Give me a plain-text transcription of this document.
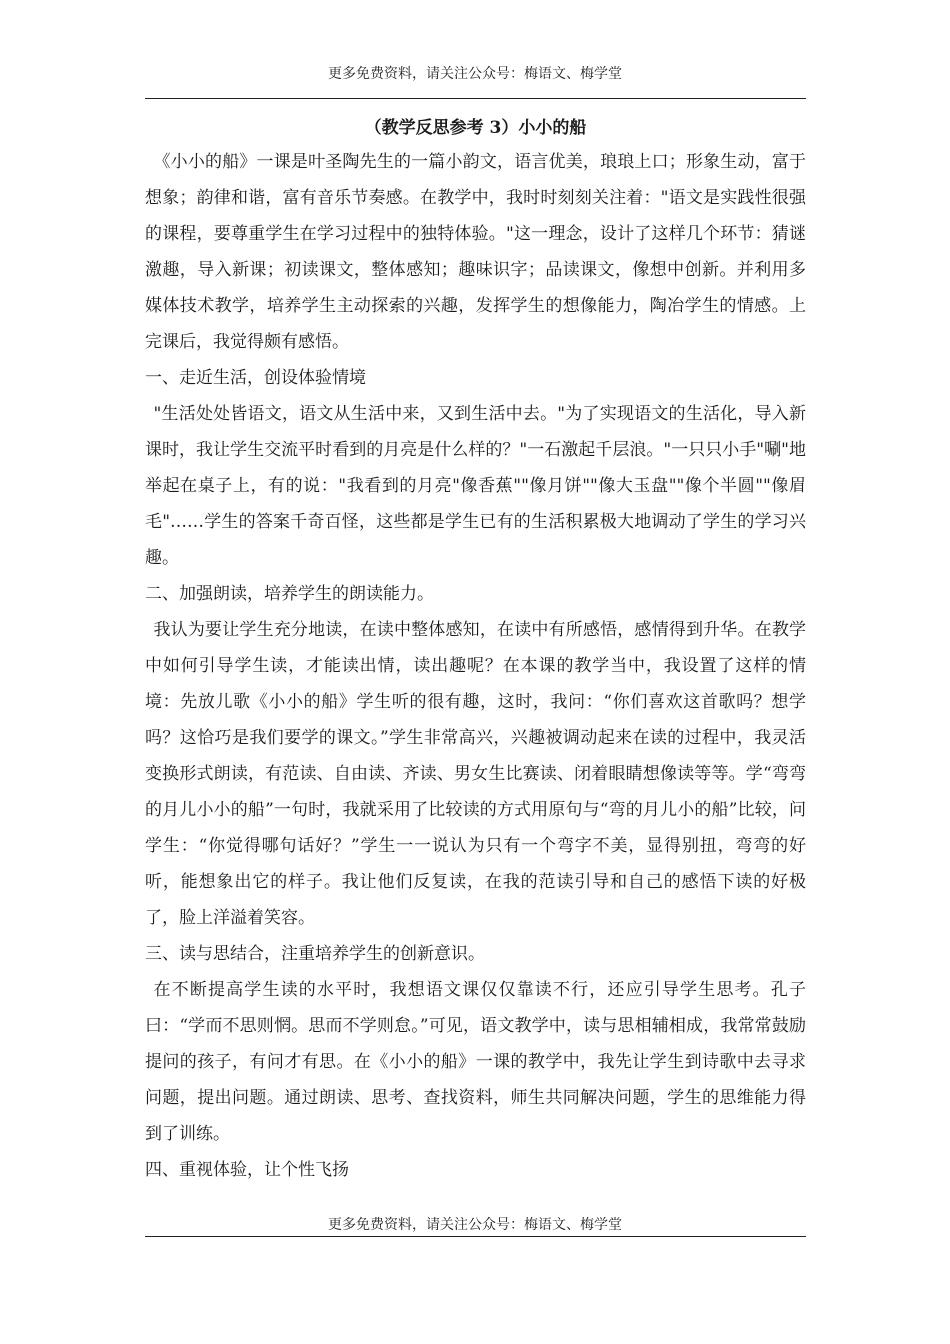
更多免费资料，请关注公众号：梅语文、梅学堂
（教学反思参考 3）小小的船

《小小的船》一课是叶圣陶先生的一篇小韵文，语言优美，琅琅上口；形象生动，富于想象；韵律和谐，富有音乐节奏感。在教学中，我时时刻刻关注着："语文是实践性很强的课程，要尊重学生在学习过程中的独特体验。"这一理念，设计了这样几个环节：猜谜激趣，导入新课；初读课文，整体感知；趣味识字；品读课文，像想中创新。并利用多媒体技术教学，培养学生主动探索的兴趣，发挥学生的想像能力，陶冶学生的情感。上完课后，我觉得颇有感悟。

一、走近生活，创设体验情境

"生活处处皆语文，语文从生活中来，又到生活中去。"为了实现语文的生活化，导入新课时，我让学生交流平时看到的月亮是什么样的？"一石激起千层浪。"一只只小手"唰"地举起在桌子上，有的说："我看到的月亮"像香蕉""像月饼""像大玉盘""像个半圆""像眉毛"……学生的答案千奇百怪，这些都是学生已有的生活积累极大地调动了学生的学习兴趣。

二、加强朗读，培养学生的朗读能力。

我认为要让学生充分地读，在读中整体感知，在读中有所感悟，感情得到升华。在教学中如何引导学生读，才能读出情，读出趣呢？在本课的教学当中，我设置了这样的情境：先放儿歌《小小的船》学生听的很有趣，这时，我问：“你们喜欢这首歌吗？想学吗？这恰巧是我们要学的课文。”学生非常高兴，兴趣被调动起来在读的过程中，我灵活变换形式朗读，有范读、自由读、齐读、男女生比赛读、闭着眼睛想像读等等。学“弯弯的月儿小小的船”一句时，我就采用了比较读的方式用原句与“弯的月儿小的船”比较，问学生：“你觉得哪句话好？”学生一一说认为只有一个弯字不美，显得别扭，弯弯的好听，能想象出它的样子。我让他们反复读，在我的范读引导和自己的感悟下读的好极了，脸上洋溢着笑容。

三、读与思结合，注重培养学生的创新意识。

在不断提高学生读的水平时，我想语文课仅仅靠读不行，还应引导学生思考。孔子曰：“学而不思则惘。思而不学则怠。”可见，语文教学中，读与思相辅相成，我常常鼓励提问的孩子，有问才有思。在《小小的船》一课的教学中，我先让学生到诗歌中去寻求问题，提出问题。通过朗读、思考、查找资料，师生共同解决问题，学生的思维能力得到了训练。

四、重视体验，让个性飞扬

更多免费资料，请关注公众号：梅语文、梅学堂
